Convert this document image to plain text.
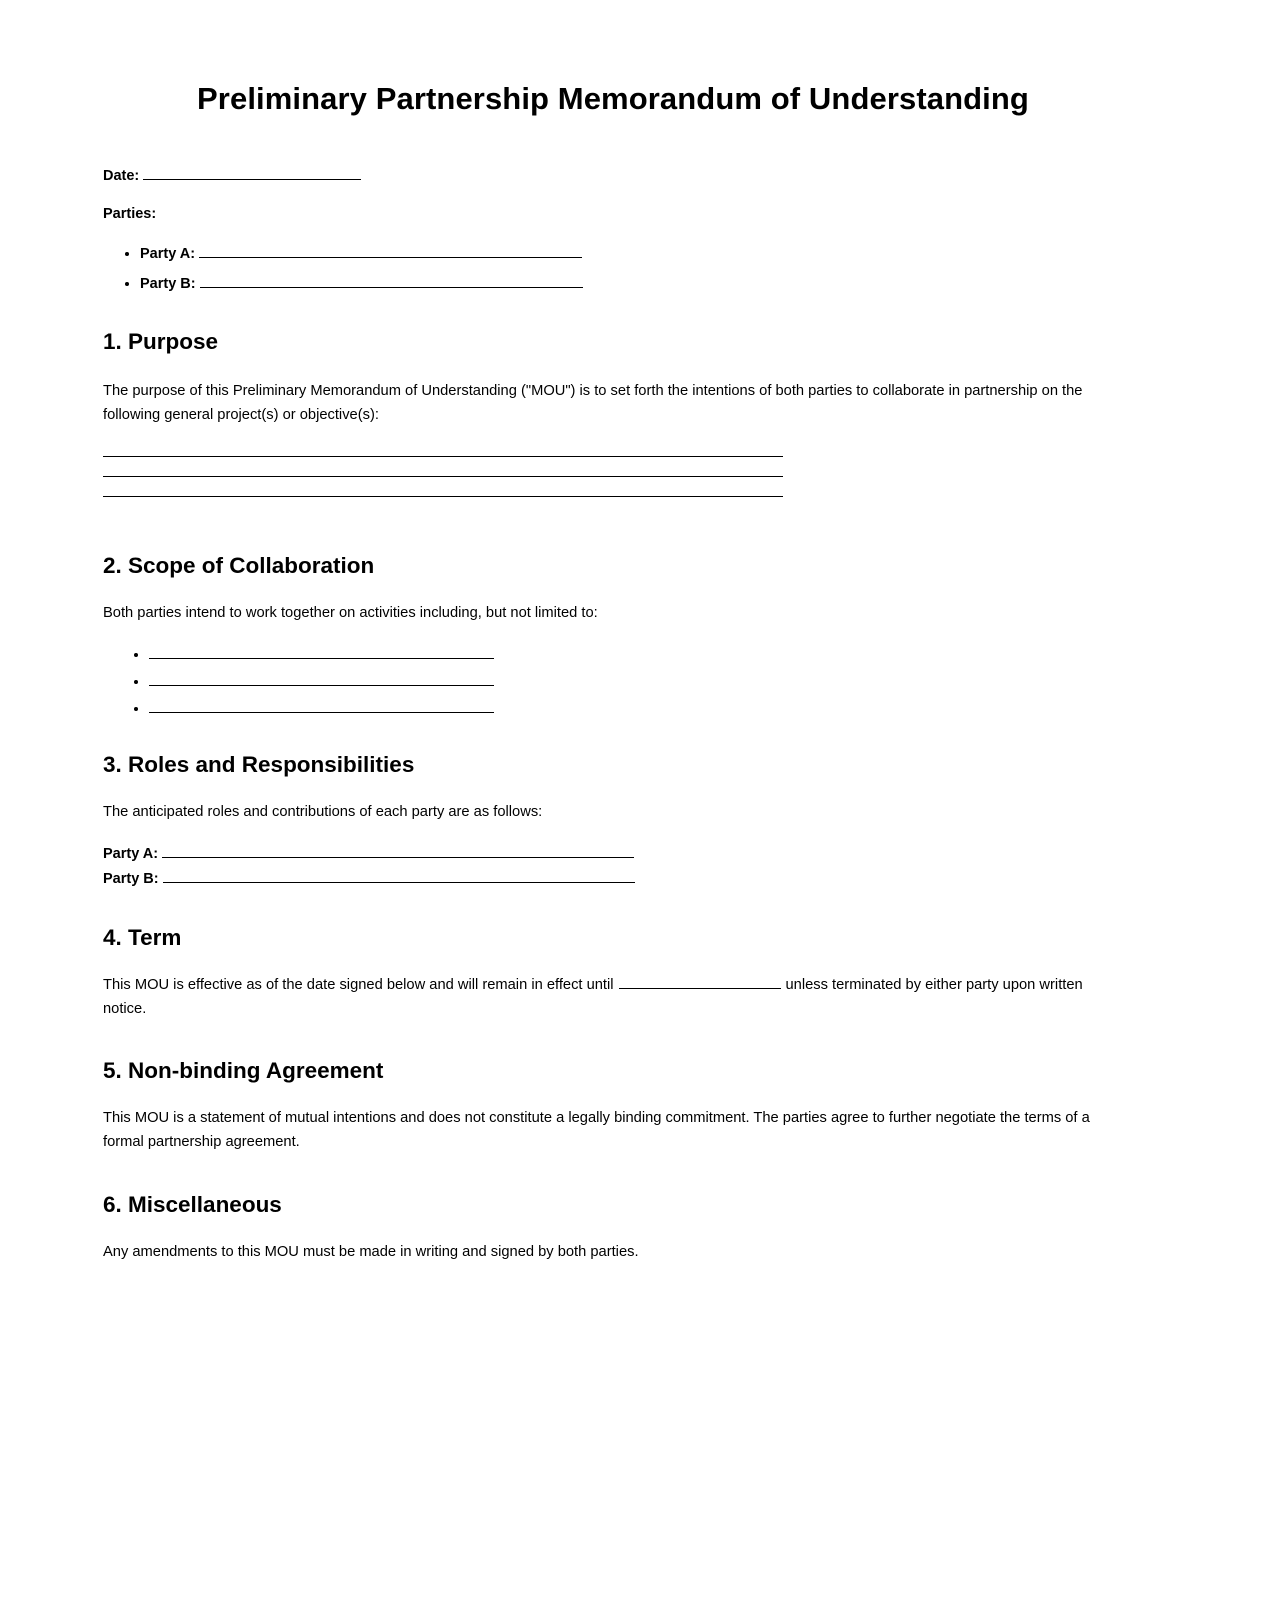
Preliminary Partnership Memorandum of Understanding
Date:
Parties:
• Party A:
• Party B:
1. Purpose

The purpose of this Preliminary Memorandum of Understanding ("MOU") is to set forth the intentions of both parties to collaborate in partnership on the following general project(s) or objective(s):

2. Scope of Collaboration

Both parties intend to work together on activities including, but not limited to:

•
•
•
3. Roles and Responsibilities

The anticipated roles and contributions of each party are as follows:

Party A:
Party B:
4. Term

This MOU is effective as of the date signed below and will remain in effect until	unless terminated by either party upon written notice.

5. Non-binding Agreement

This MOU is a statement of mutual intentions and does not constitute a legally binding commitment. The parties agree to further negotiate the terms of a formal partnership agreement.

6. Miscellaneous

Any amendments to this MOU must be made in writing and signed by both parties.
